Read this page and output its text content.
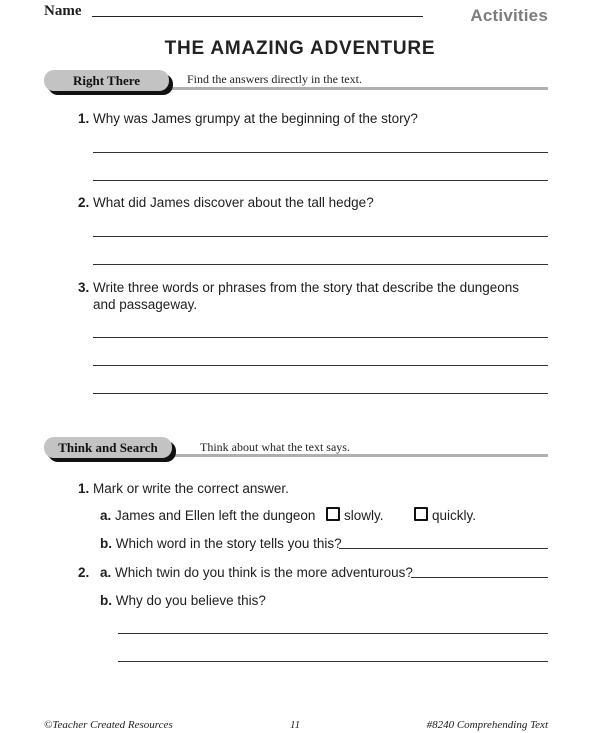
Name	Activities
THE AMAZING ADVENTURE
Right There	Find the answers directly in the text.
1. Why was James grumpy at the beginning of the story?
2. What did James discover about the tall hedge?
3. Write three words or phrases from the story that describe the dungeons
and passageway.
Think and Search	Think about what the text says.
1. Mark or write the correct answer.
a. James and Ellen left the dungeon	slowly.	quickly.
b. Which word in the story tells you this?
2. a. Which twin do you think is the more adventurous?
b. Why do you believe this?
©Teacher Created Resources	11	#8240 Comprehending Text
